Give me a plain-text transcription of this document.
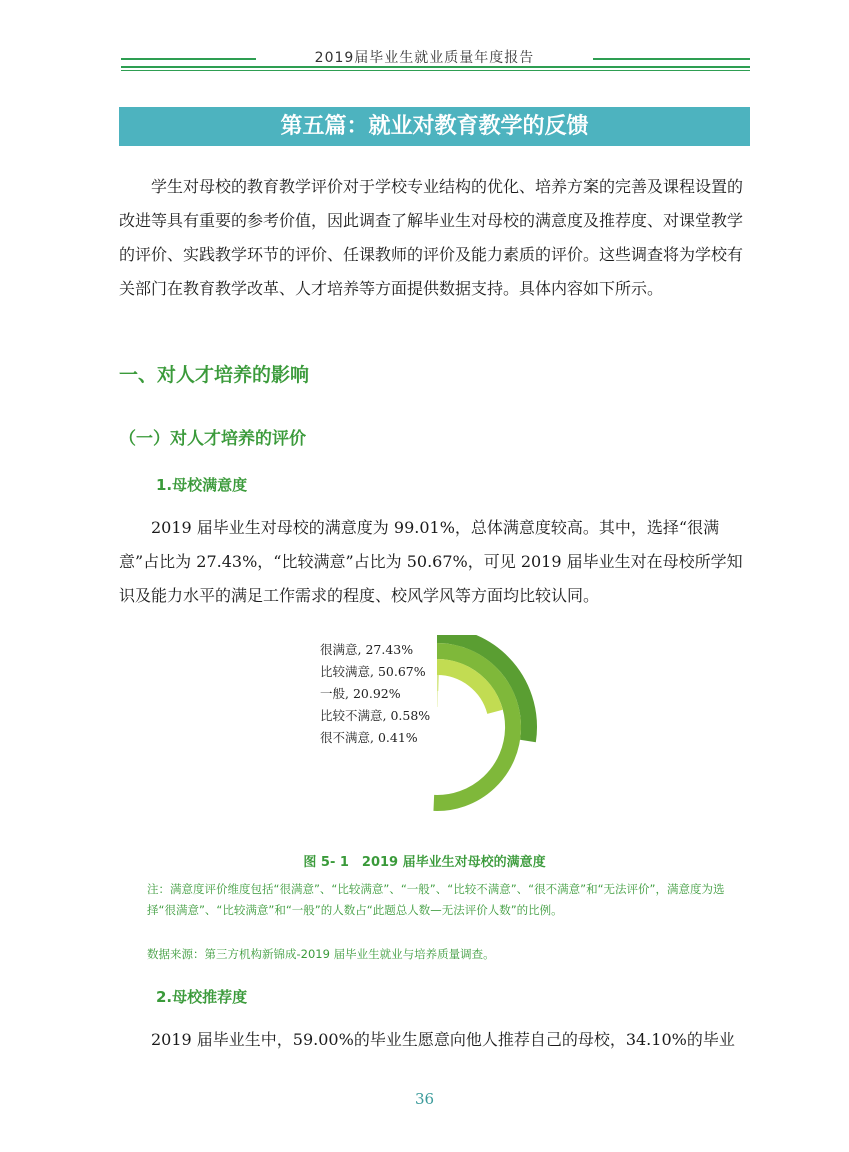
2019届毕业生就业质量年度报告
第五篇：就业对教育教学的反馈

学生对母校的教育教学评价对于学校专业结构的优化、培养方案的完善及课程设置的改进等具有重要的参考价值，因此调查了解毕业生对母校的满意度及推荐度、对课堂教学的评价、实践教学环节的评价、任课教师的评价及能力素质的评价。这些调查将为学校有关部门在教育教学改革、人才培养等方面提供数据支持。具体内容如下所示。

一、对人才培养的影响
（一）对人才培养的评价
1.母校满意度

2019 届毕业生对母校的满意度为 99.01%，总体满意度较高。其中，选择“很满意”占比为 27.43%，“比较满意”占比为 50.67%，可见 2019 届毕业生对在母校所学知识及能力水平的满足工作需求的程度、校风学风等方面均比较认同。

很满意, 27.43%
比较满意, 50.67%
一般, 20.92%
比较不满意, 0.58%
很不满意, 0.41%
图 5- 1　2019 届毕业生对母校的满意度

注：满意度评价维度包括“很满意”、“比较满意”、“一般”、“比较不满意”、“很不满意”和“无法评价”，满意度为选择“很满意”、“比较满意”和“一般”的人数占“此题总人数—无法评价人数”的比例。

数据来源：第三方机构新锦成-2019 届毕业生就业与培养质量调查。
2.母校推荐度

2019 届毕业生中，59.00%的毕业生愿意向他人推荐自己的母校，34.10%的毕业

36
